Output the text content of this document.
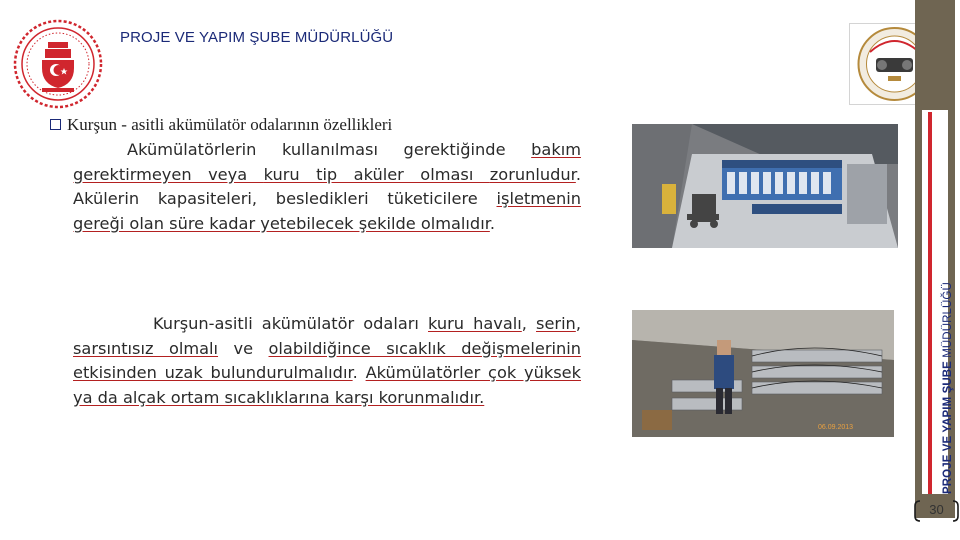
PROJE VE YAPIM ŞUBE MÜDÜRLÜĞÜ
PROJE VE YAPIM ŞUBE MÜDÜRLÜĞÜ
30
Kurşun - asitli akümülatör odalarının özellikleri
Akümülatörlerin kullanılması gerektiğinde bakım gerektirmeyen veya kuru tip aküler olması zorunludur. Akülerin kapasiteleri, besledikleri tüketicilere işletmenin gereği olan süre kadar yetebilecek şekilde olmalıdır.
Kurşun-asitli akümülatör odaları kuru havalı, serin, sarsıntısız olmalı ve olabildiğince sıcaklık değişmelerinin etkisinden uzak bulundurulmalıdır. Akümülatörler çok yüksek ya da alçak ortam sıcaklıklarına karşı korunmalıdır.
06.09.2013
